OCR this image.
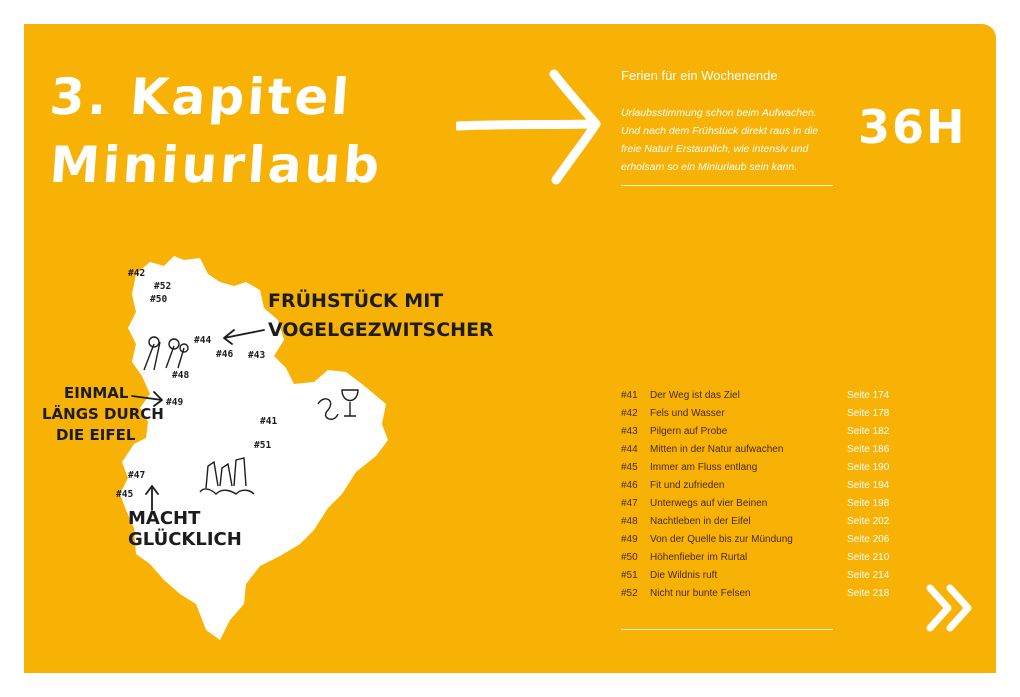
3. Kapitel
Miniurlaub
Ferien für ein Wochenende
Urlaubsstimmung schon beim Aufwachen. Und nach dem Frühstück direkt raus in die freie Natur! Erstaunlich, wie intensiv und erholsam so ein Miniurlaub sein kann.
36H
#42
#52
#50
#44
#46 #43
#48
#49
#41
#51
#47
#45
FRÜHSTÜCK MIT
VOGELGEZWITSCHER
EINMAL
LÄNGS DURCH
DIE EIFEL
MACHT
GLÜCKLICH
#41 Der Weg ist das Ziel	Seite 174
#42 Fels und Wasser	Seite 178
#43 Pilgern auf Probe	Seite 182
#44 Mitten in der Natur aufwachen	Seite 186
#45 Immer am Fluss entlang	Seite 190
#46 Fit und zufrieden	Seite 194
#47 Unterwegs auf vier Beinen	Seite 198
#48 Nachtleben in der Eifel	Seite 202
#49 Von der Quelle bis zur Mündung	Seite 206
#50 Höhenfieber im Rurtal	Seite 210
#51 Die Wildnis ruft	Seite 214
#52 Nicht nur bunte Felsen	Seite 218
